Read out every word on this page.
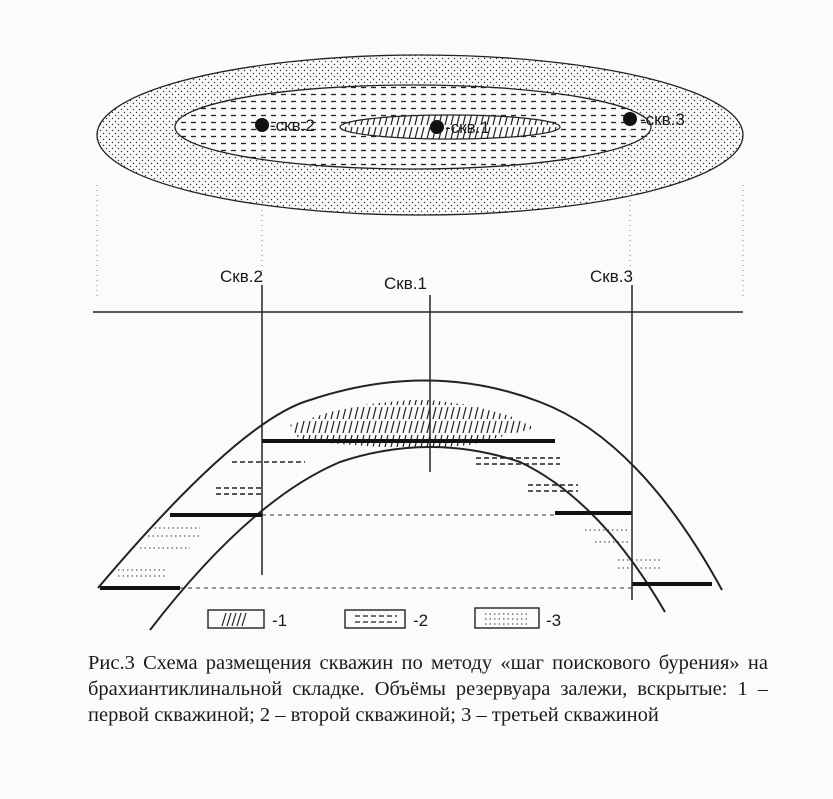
-скв.2	-скв.1	-скв.3
Скв.2	Скв.1	Скв.3
-1	-2	-3

Рис.3 Схема размещения скважин по методу «шаг поискового бурения» на брахиантиклинальной складке. Объёмы резервуара залежи, вскрытые: 1 –первой скважиной; 2 – второй скважиной; 3 – третьей скважиной
